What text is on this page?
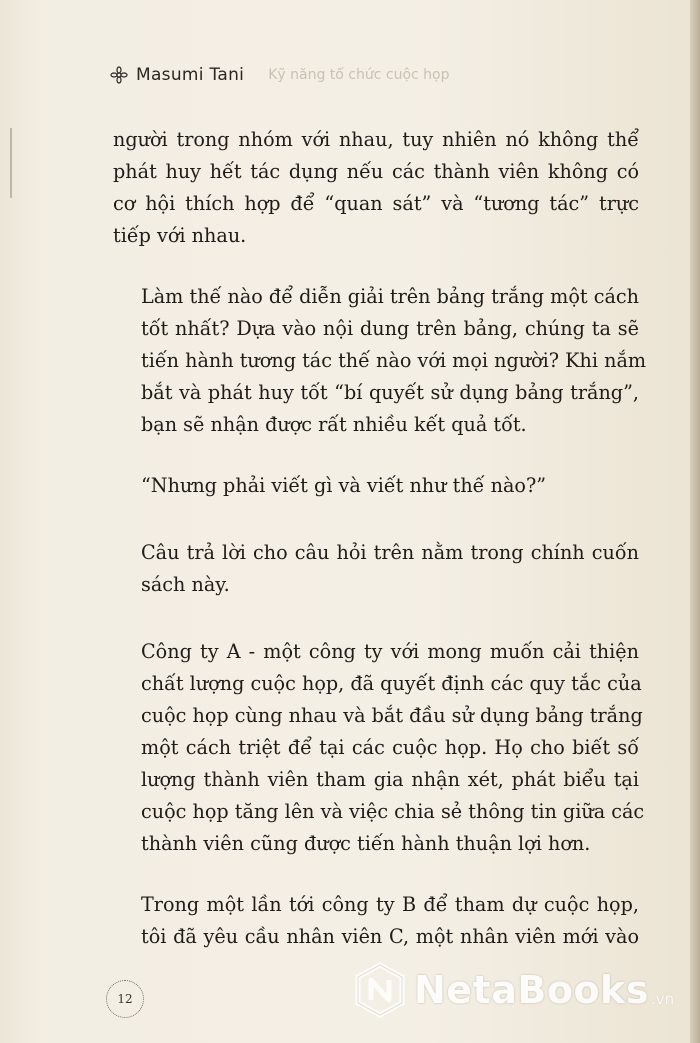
Masumi Tani Kỹ năng tổ chức cuộc họp

người trong nhóm với nhau, tuy nhiên nó không thể
phát huy hết tác dụng nếu các thành viên không có
cơ hội thích hợp để “quan sát” và “tương tác” trực
tiếp với nhau.

Làm thế nào để diễn giải trên bảng trắng một cách
tốt nhất? Dựa vào nội dung trên bảng, chúng ta sẽ
tiến hành tương tác thế nào với mọi người? Khi nắm
bắt và phát huy tốt “bí quyết sử dụng bảng trắng”,
bạn sẽ nhận được rất nhiều kết quả tốt.

“Nhưng phải viết gì và viết như thế nào?”

Câu trả lời cho câu hỏi trên nằm trong chính cuốn
sách này.

Công ty A - một công ty với mong muốn cải thiện
chất lượng cuộc họp, đã quyết định các quy tắc của
cuộc họp cùng nhau và bắt đầu sử dụng bảng trắng
một cách triệt để tại các cuộc họp. Họ cho biết số
lượng thành viên tham gia nhận xét, phát biểu tại
cuộc họp tăng lên và việc chia sẻ thông tin giữa các
thành viên cũng được tiến hành thuận lợi hơn.

Trong một lần tới công ty B để tham dự cuộc họp,
tôi đã yêu cầu nhân viên C, một nhân viên mới vào

12	NetaBooks .vn
